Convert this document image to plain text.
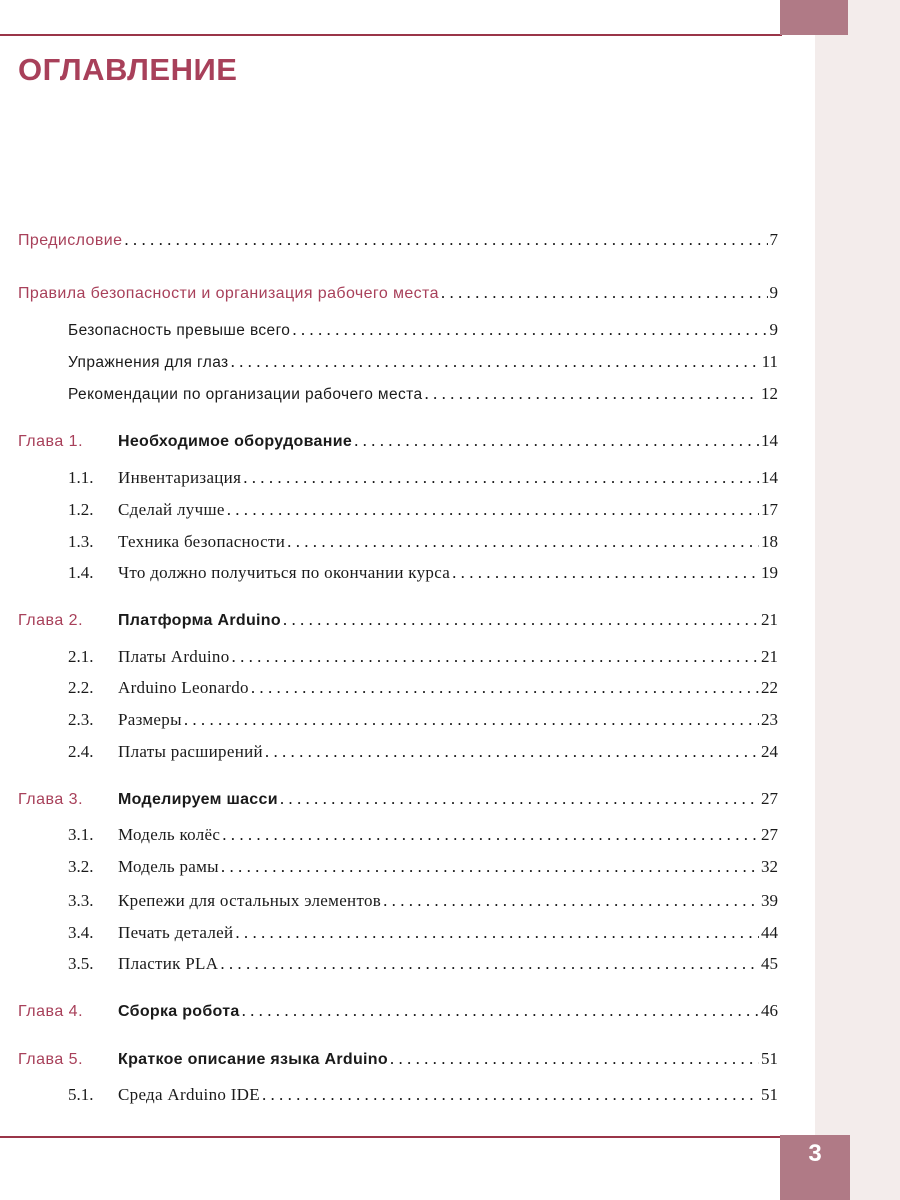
ОГЛАВЛЕНИЕ
Предисловие .....	7
Правила безопасности и организация рабочего места .....	9
Безопасность превыше всего .....	9
Упражнения для глаз .....	11
Рекомендации по организации рабочего места .....	12
Глава 1.	Необходимое оборудование .....	14
1.1.	Инвентаризация .....	14
1.2.	Сделай лучше .....	17
1.3.	Техника безопасности .....	18
1.4.	Что должно получиться по окончании курса .....	19
Глава 2.	Платформа Arduino .....	21
2.1.	Платы Arduino .....	21
2.2.	Arduino Leonardo .....	22
2.3.	Размеры .....	23
2.4.	Платы расширений .....	24
Глава 3.	Моделируем шасси .....	27
3.1.	Модель колёс .....	27
3.2.	Модель рамы .....	32
3.3.	Крепежи для остальных элементов .....	39
3.4.	Печать деталей .....	44
3.5.	Пластик PLA .....	45
Глава 4.	Сборка робота .....	46
Глава 5.	Краткое описание языка Arduino .....	51
5.1.	Среда Arduino IDE .....	51
3
